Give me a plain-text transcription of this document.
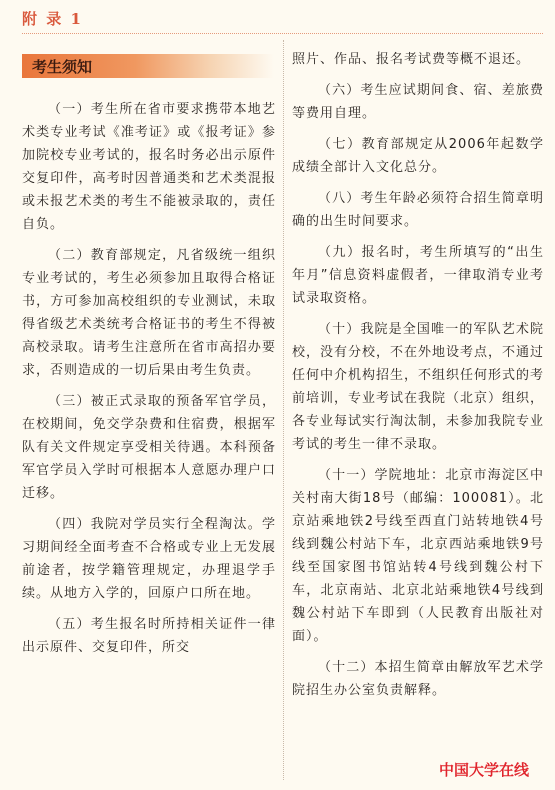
附 录 1
考生须知

（一）考生所在省市要求携带本地艺术类专业考试《准考证》或《报考证》参加院校专业考试的，报名时务必出示原件交复印件，高考时因普通类和艺术类混报或未报艺术类的考生不能被录取的，责任自负。

（二）教育部规定，凡省级统一组织专业考试的，考生必须参加且取得合格证书，方可参加高校组织的专业测试，未取得省级艺术类统考合格证书的考生不得被高校录取。请考生注意所在省市高招办要求，否则造成的一切后果由考生负责。

（三）被正式录取的预备军官学员，在校期间，免交学杂费和住宿费，根据军队有关文件规定享受相关待遇。本科预备军官学员入学时可根据本人意愿办理户口迁移。

（四）我院对学员实行全程淘汰。学习期间经全面考查不合格或专业上无发展前途者，按学籍管理规定，办理退学手续。从地方入学的，回原户口所在地。

（五）考生报名时所持相关证件一律出示原件、交复印件，所交

照片、作品、报名考试费等概不退还。

（六）考生应试期间食、宿、差旅费等费用自理。

（七）教育部规定从2006年起数学成绩全部计入文化总分。

（八）考生年龄必须符合招生简章明确的出生时间要求。

（九）报名时，考生所填写的“出生年月”信息资料虚假者，一律取消专业考试录取资格。

（十）我院是全国唯一的军队艺术院校，没有分校，不在外地设考点，不通过任何中介机构招生，不组织任何形式的考前培训，专业考试在我院（北京）组织，各专业每试实行淘汰制，未参加我院专业考试的考生一律不录取。

（十一）学院地址：北京市海淀区中关村南大街18号（邮编：100081）。北京站乘地铁2号线至西直门站转地铁4号线到魏公村站下车，北京西站乘地铁9号线至国家图书馆站转4号线到魏公村下车，北京南站、北京北站乘地铁4号线到魏公村站下车即到（人民教育出版社对面）。

（十二）本招生简章由解放军艺术学院招生办公室负责解释。

中国大学在线
